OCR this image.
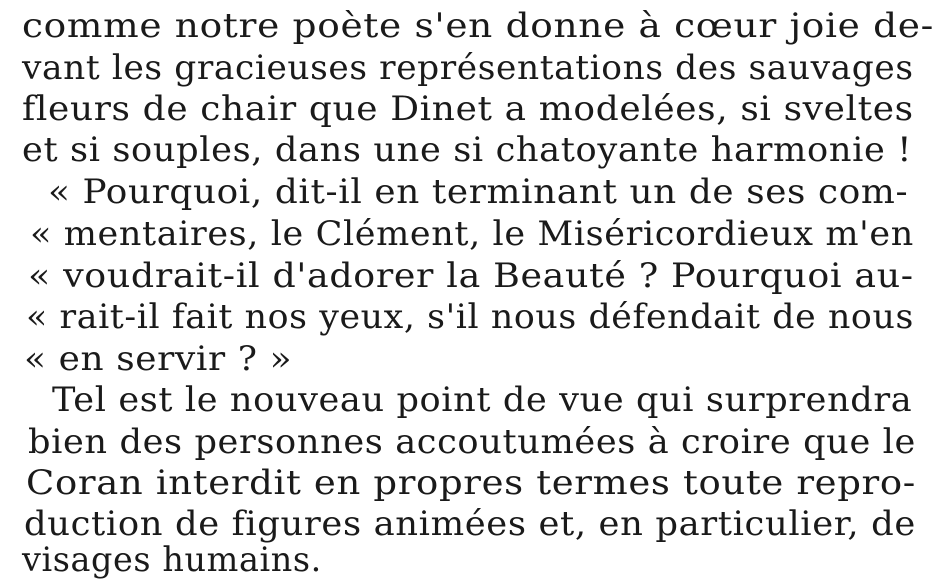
comme notre poète s'en donne à cœur joie de-
vant les gracieuses représentations des sauvages
fleurs de chair que Dinet a modelées, si sveltes
et si souples, dans une si chatoyante harmonie !
« Pourquoi, dit-il en terminant un de ses com-
« mentaires, le Clément, le Miséricordieux m'en
« voudrait-il d'adorer la Beauté ? Pourquoi au-
« rait-il fait nos yeux, s'il nous défendait de nous
« en servir ? »
Tel est le nouveau point de vue qui surprendra
bien des personnes accoutumées à croire que le
Coran interdit en propres termes toute repro-
duction de figures animées et, en particulier, de
visages humains.
